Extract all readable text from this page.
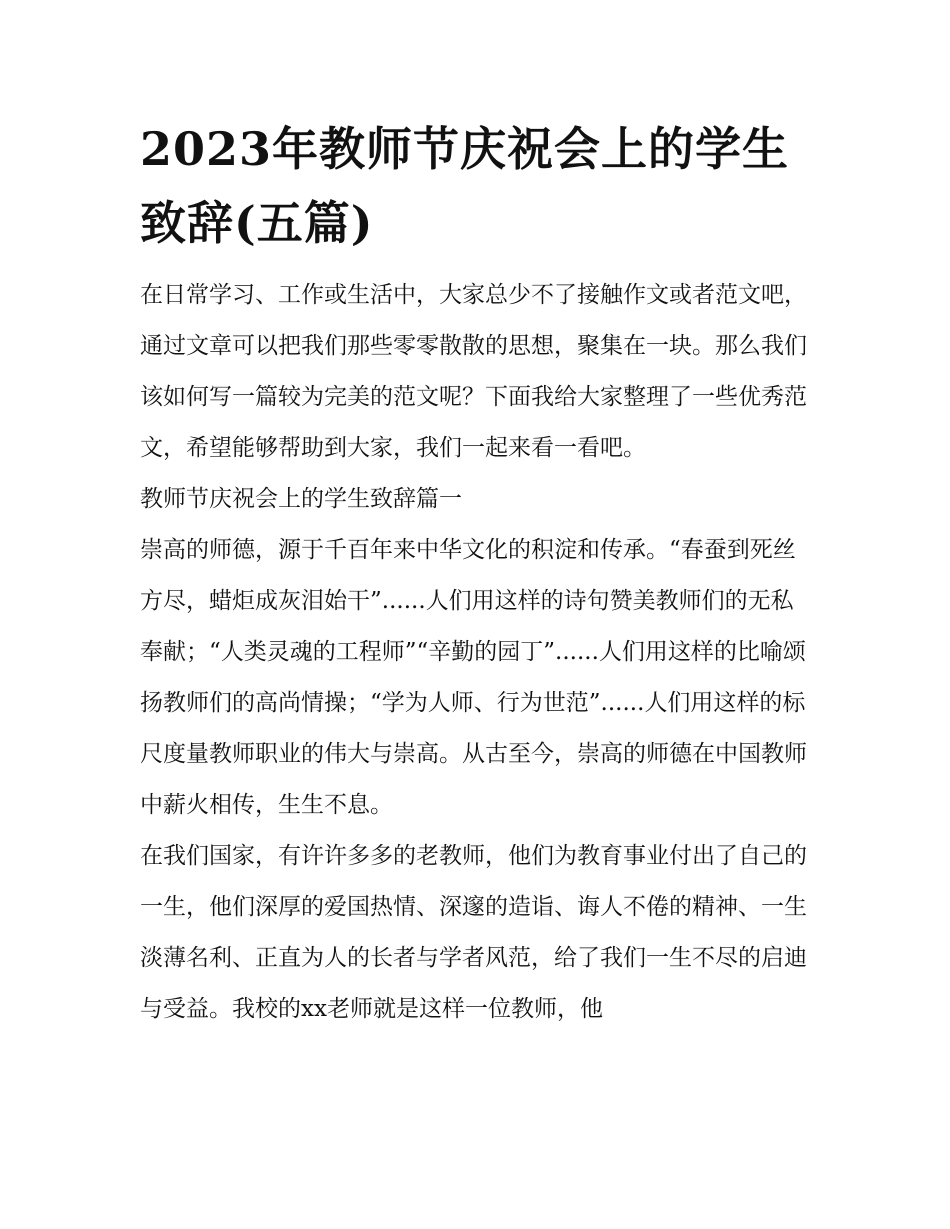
2023年教师节庆祝会上的学生致辞(五篇)

在日常学习、工作或生活中，大家总少不了接触作文或者范文吧，通过文章可以把我们那些零零散散的思想，聚集在一块。那么我们该如何写一篇较为完美的范文呢？下面我给大家整理了一些优秀范文，希望能够帮助到大家，我们一起来看一看吧。

教师节庆祝会上的学生致辞篇一

崇高的师德，源于千百年来中华文化的积淀和传承。“春蚕到死丝方尽，蜡炬成灰泪始干”......人们用这样的诗句赞美教师们的无私奉献；“人类灵魂的工程师”“辛勤的园丁”......人们用这样的比喻颂扬教师们的高尚情操；“学为人师、行为世范”......人们用这样的标尺度量教师职业的伟大与崇高。从古至今，崇高的师德在中国教师中薪火相传，生生不息。

在我们国家，有许许多多的老教师，他们为教育事业付出了自己的一生，他们深厚的爱国热情、深邃的造诣、诲人不倦的精神、一生淡薄名利、正直为人的长者与学者风范，给了我们一生不尽的启迪与受益。我校的xx老师就是这样一位教师，他
